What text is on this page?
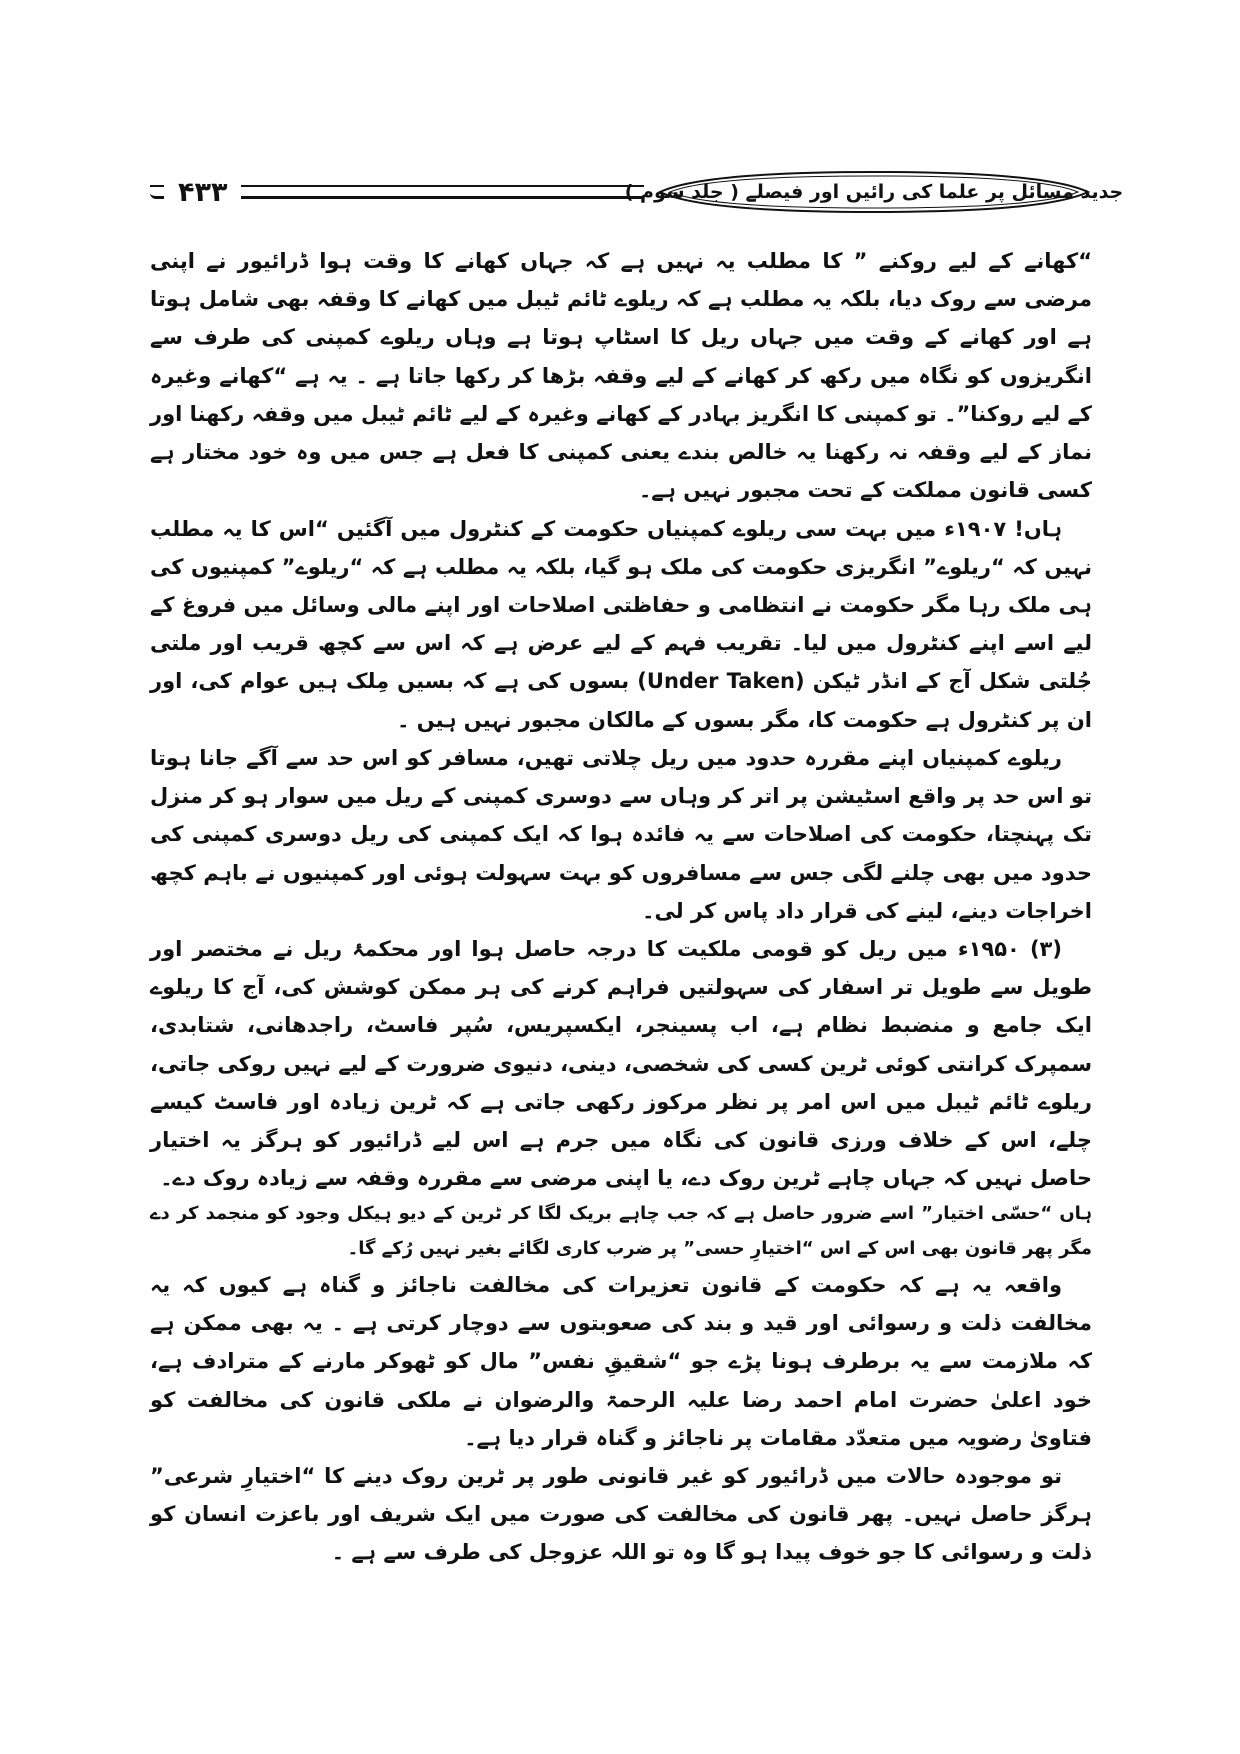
۴۳۳	جدید مسائل پر علما کی رائیں اور فیصلے ( جلد سوم )

“کھانے کے لیے روکنے ” کا مطلب یہ نہیں ہے کہ جہاں کھانے کا وقت ہوا ڈرائیور نے اپنی مرضی سے روک دیا، بلکہ یہ مطلب ہے کہ ریلوے ٹائم ٹیبل میں کھانے کا وقفہ بھی شامل ہوتا ہے اور کھانے کے وقت میں جہاں ریل کا اسٹاپ ہوتا ہے وہاں ریلوے کمپنی کی طرف سے انگریزوں کو نگاہ میں رکھ کر کھانے کے لیے وقفہ بڑھا کر رکھا جاتا ہے ۔ یہ ہے “کھانے وغیرہ کے لیے روکنا”۔ تو کمپنی کا انگریز بہادر کے کھانے وغیرہ کے لیے ٹائم ٹیبل میں وقفہ رکھنا اور نماز کے لیے وقفہ نہ رکھنا یہ خالص بندے یعنی کمپنی کا فعل ہے جس میں وہ خود مختار ہے کسی قانون مملکت کے تحت مجبور نہیں ہے۔

ہاں! ۱۹۰۷ء میں بہت سی ریلوے کمپنیاں حکومت کے کنٹرول میں آگئیں “اس کا یہ مطلب نہیں کہ “ریلوے” انگریزی حکومت کی ملک ہو گیا، بلکہ یہ مطلب ہے کہ “ریلوے” کمپنیوں کی ہی ملک رہا مگر حکومت نے انتظامی و حفاظتی اصلاحات اور اپنے مالی وسائل میں فروغ کے لیے اسے اپنے کنٹرول میں لیا۔ تقریب فہم کے لیے عرض ہے کہ اس سے کچھ قریب اور ملتی جُلتی شکل آج کے انڈر ٹیکن (Under Taken) بسوں کی ہے کہ بسیں مِلک ہیں عوام کی، اور ان پر کنٹرول ہے حکومت کا، مگر بسوں کے مالکان مجبور نہیں ہیں ۔

ریلوے کمپنیاں اپنے مقررہ حدود میں ریل چلاتی تھیں، مسافر کو اس حد سے آگے جانا ہوتا تو اس حد پر واقع اسٹیشن پر اتر کر وہاں سے دوسری کمپنی کے ریل میں سوار ہو کر منزل تک پہنچتا، حکومت کی اصلاحات سے یہ فائدہ ہوا کہ ایک کمپنی کی ریل دوسری کمپنی کی حدود میں بھی چلنے لگی جس سے مسافروں کو بہت سہولت ہوئی اور کمپنیوں نے باہم کچھ اخراجات دینے، لینے کی قرار داد پاس کر لی۔

(۳) ۱۹۵۰ء میں ریل کو قومی ملکیت کا درجہ حاصل ہوا اور محکمۂ ریل نے مختصر اور طویل سے طویل تر اسفار کی سہولتیں فراہم کرنے کی ہر ممکن کوشش کی، آج کا ریلوے ایک جامع و منضبط نظام ہے، اب پسینجر، ایکسپریس، سُپر فاسٹ، راجدھانی، شتابدی، سمپرک کرانتی کوئی ٹرین کسی کی شخصی، دینی، دنیوی ضرورت کے لیے نہیں روکی جاتی، ریلوے ٹائم ٹیبل میں اس امر پر نظر مرکوز رکھی جاتی ہے کہ ٹرین زیادہ اور فاسٹ کیسے چلے، اس کے خلاف ورزی قانون کی نگاہ میں جرم ہے اس لیے ڈرائیور کو ہرگز یہ اختیار حاصل نہیں کہ جہاں چاہے ٹرین روک دے، یا اپنی مرضی سے مقررہ وقفہ سے زیادہ روک دے۔

ہاں “حسّی اختیار” اسے ضرور حاصل ہے کہ جب چاہے بریک لگا کر ٹرین کے دیو ہیکل وجود کو منجمد کر دے مگر پھر قانون بھی اس کے اس “اختیارِ حسی” پر ضرب کاری لگائے بغیر نہیں رُکے گا۔

واقعہ یہ ہے کہ حکومت کے قانون تعزیرات کی مخالفت ناجائز و گناہ ہے کیوں کہ یہ مخالفت ذلت و رسوائی اور قید و بند کی صعوبتوں سے دوچار کرتی ہے ۔ یہ بھی ممکن ہے کہ ملازمت سے یہ برطرف ہونا پڑے جو “شقیقِ نفس” مال کو ٹھوکر مارنے کے مترادف ہے، خود اعلیٰ حضرت امام احمد رضا علیہ الرحمۃ والرضوان نے ملکی قانون کی مخالفت کو فتاویٰ رضویہ میں متعدّد مقامات پر ناجائز و گناہ قرار دیا ہے۔

تو موجودہ حالات میں ڈرائیور کو غیر قانونی طور پر ٹرین روک دینے کا “اختیارِ شرعی” ہرگز حاصل نہیں۔ پھر قانون کی مخالفت کی صورت میں ایک شریف اور باعزت انسان کو ذلت و رسوائی کا جو خوف پیدا ہو گا وہ تو اللہ عزوجل کی طرف سے ہے ۔
